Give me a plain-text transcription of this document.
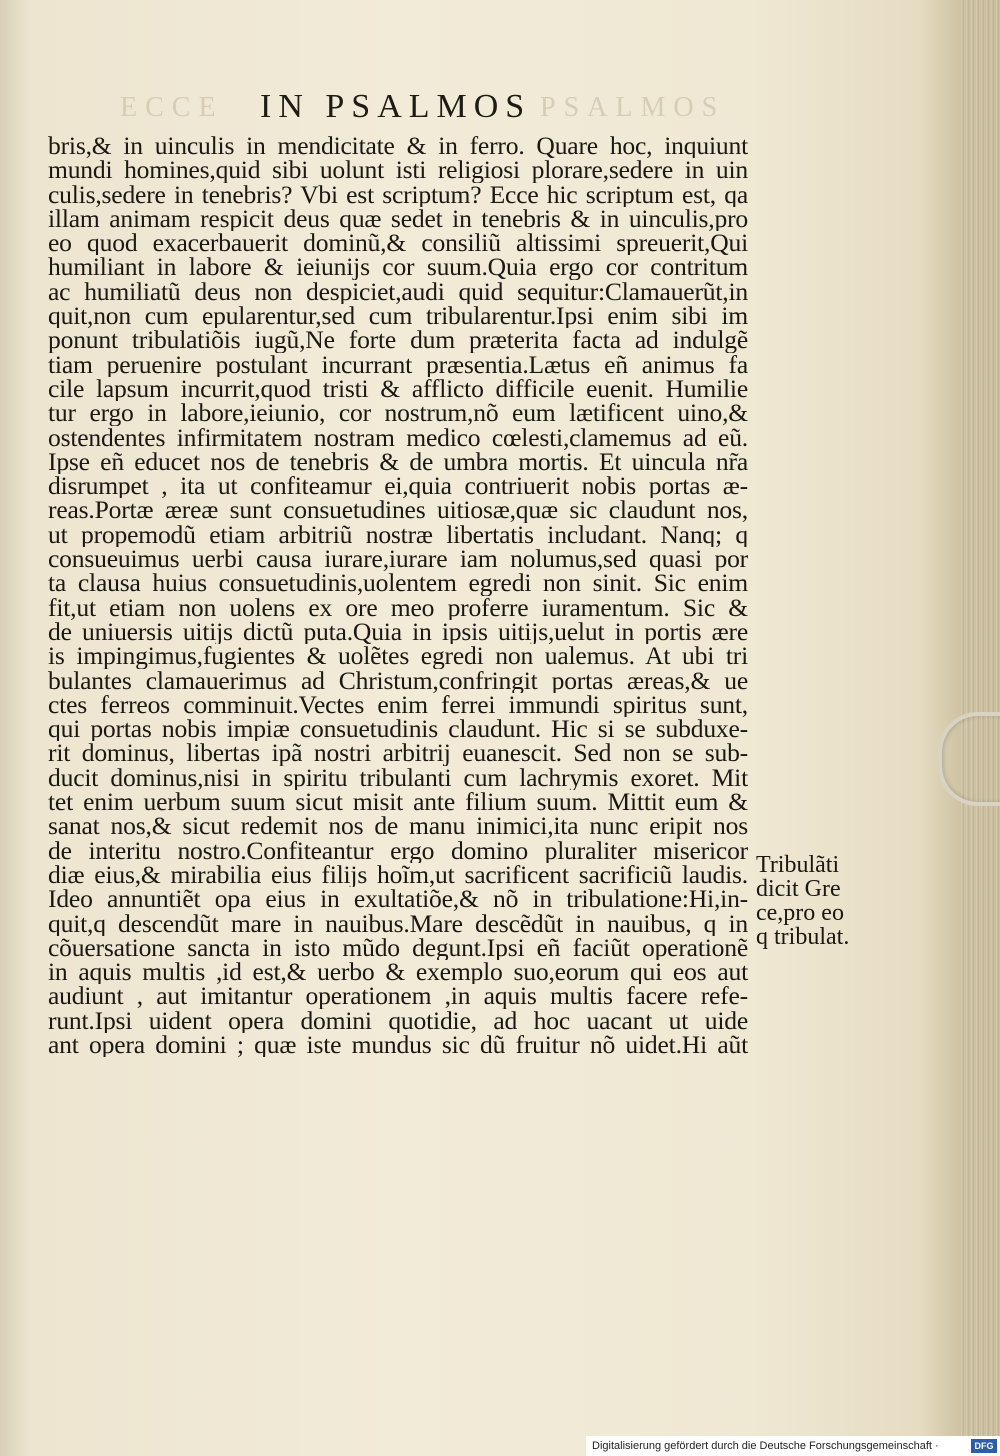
ECCE IN PSALMOS PSALMOS
bris,& in uinculis in mendicitate & in ferro. Quare hoc, inquiunt
mundi homines,quid sibi uolunt isti religiosi plorare,sedere in uin
culis,sedere in tenebris? Vbi est scriptum? Ecce hic scriptum est, qa
illam animam respicit deus quæ sedet in tenebris & in uinculis,pro
eo quod exacerbauerit dominũ,& consiliũ altissimi spreuerit,Qui
humiliant in labore & ieiunijs cor suum.Quia ergo cor contritum
ac humiliatũ deus non despiciet,audi quid sequitur:Clamauerũt,in
quit,non cum epularentur,sed cum tribularentur.Ipsi enim sibi im
ponunt tribulatiõis iugũ,Ne forte dum præterita facta ad indulgẽ
tiam peruenire postulant incurrant præsentia.Lætus eñ animus fa
cile lapsum incurrit,quod tristi & afflicto difficile euenit. Humilie
tur ergo in labore,ieiunio, cor nostrum,nõ eum lætificent uino,&
ostendentes infirmitatem nostram medico cœlesti,clamemus ad eũ.
Ipse eñ educet nos de tenebris & de umbra mortis. Et uincula nr̃a
disrumpet , ita ut confiteamur ei,quia contriuerit nobis portas æ-
reas.Portæ æreæ sunt consuetudines uitiosæ,quæ sic claudunt nos,
ut propemodũ etiam arbitriũ nostræ libertatis includant. Nanq; q
consueuimus uerbi causa iurare,iurare iam nolumus,sed quasi por
ta clausa huius consuetudinis,uolentem egredi non sinit. Sic enim
fit,ut etiam non uolens ex ore meo proferre iuramentum. Sic &
de uniuersis uitijs dictũ puta.Quia in ipsis uitijs,uelut in portis ære
is impingimus,fugientes & uolẽtes egredi non ualemus. At ubi tri
bulantes clamauerimus ad Christum,confringit portas æreas,& ue
ctes ferreos comminuit.Vectes enim ferrei immundi spiritus sunt,
qui portas nobis impiæ consuetudinis claudunt. Hic si se subduxe-
rit dominus, libertas ipã nostri arbitrij euanescit. Sed non se sub-
ducit dominus,nisi in spiritu tribulanti cum lachrymis exoret. Mit
tet enim uerbum suum sicut misit ante filium suum. Mittit eum &
sanat nos,& sicut redemit nos de manu inimici,ita nunc eripit nos
de interitu nostro.Confiteantur ergo domino pluraliter misericor
diæ eius,& mirabilia eius filijs hoĩm,ut sacrificent sacrificiũ laudis.
Ideo annuntiẽt opa eius in exultatiõe,& nõ in tribulatione:Hi,in-
quit,q descendũt mare in nauibus.Mare descẽdũt in nauibus, q in
cõuersatione sancta in isto mũdo degunt.Ipsi eñ faciũt operationẽ
in aquis multis ,id est,& uerbo & exemplo suo,eorum qui eos aut
audiunt , aut imitantur operationem ,in aquis multis facere refe-
runt.Ipsi uident opera domini quotidie, ad hoc uacant ut uide
ant opera domini ; quæ iste mundus sic dũ fruitur nõ uidet.Hi aũt
Tribulãti
dicit Gre
ce,pro eo
q tribulat.
Digitalisierung gefördert durch die Deutsche Forschungsgemeinschaft ·	DFG
